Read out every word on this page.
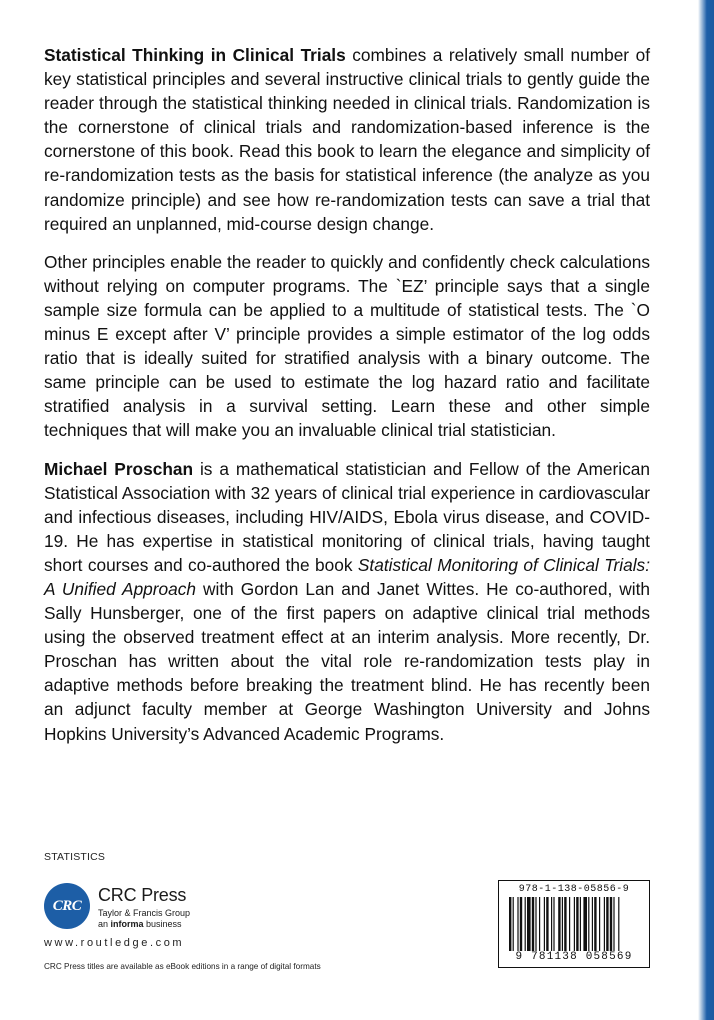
Statistical Thinking in Clinical Trials combines a relatively small number of key statistical principles and several instructive clinical trials to gently guide the reader through the statistical thinking needed in clinical trials. Randomization is the cornerstone of clinical trials and randomization-based inference is the cornerstone of this book. Read this book to learn the elegance and simplicity of re-randomization tests as the basis for statistical inference (the analyze as you randomize principle) and see how re-randomization tests can save a trial that required an unplanned, mid-course design change.

Other principles enable the reader to quickly and confidently check calculations without relying on computer programs. The `EZ’ principle says that a single sample size formula can be applied to a multitude of statistical tests. The `O minus E except after V’ principle provides a simple estimator of the log odds ratio that is ideally suited for stratified analysis with a binary outcome. The same principle can be used to estimate the log hazard ratio and facilitate stratified analysis in a survival setting. Learn these and other simple techniques that will make you an invaluable clinical trial statistician.

Michael Proschan is a mathematical statistician and Fellow of the American Statistical Association with 32 years of clinical trial experience in cardiovascular and infectious diseases, including HIV/AIDS, Ebola virus disease, and COVID-19. He has expertise in statistical monitoring of clinical trials, having taught short courses and co-authored the book Statistical Monitoring of Clinical Trials: A Unified Approach with Gordon Lan and Janet Wittes. He co-authored, with Sally Hunsberger, one of the first papers on adaptive clinical trial methods using the observed treatment effect at an interim analysis. More recently, Dr. Proschan has written about the vital role re-randomization tests play in adaptive methods before breaking the treatment blind. He has recently been an adjunct faculty member at George Washington University and Johns Hopkins University’s Advanced Academic Programs.

STATISTICS
CRC
CRC Press
Taylor & Francis Group
an informa business
www.routledge.com
CRC Press titles are available as eBook editions in a range of digital formats
978-1-138-05856-9
9 781138 058569
